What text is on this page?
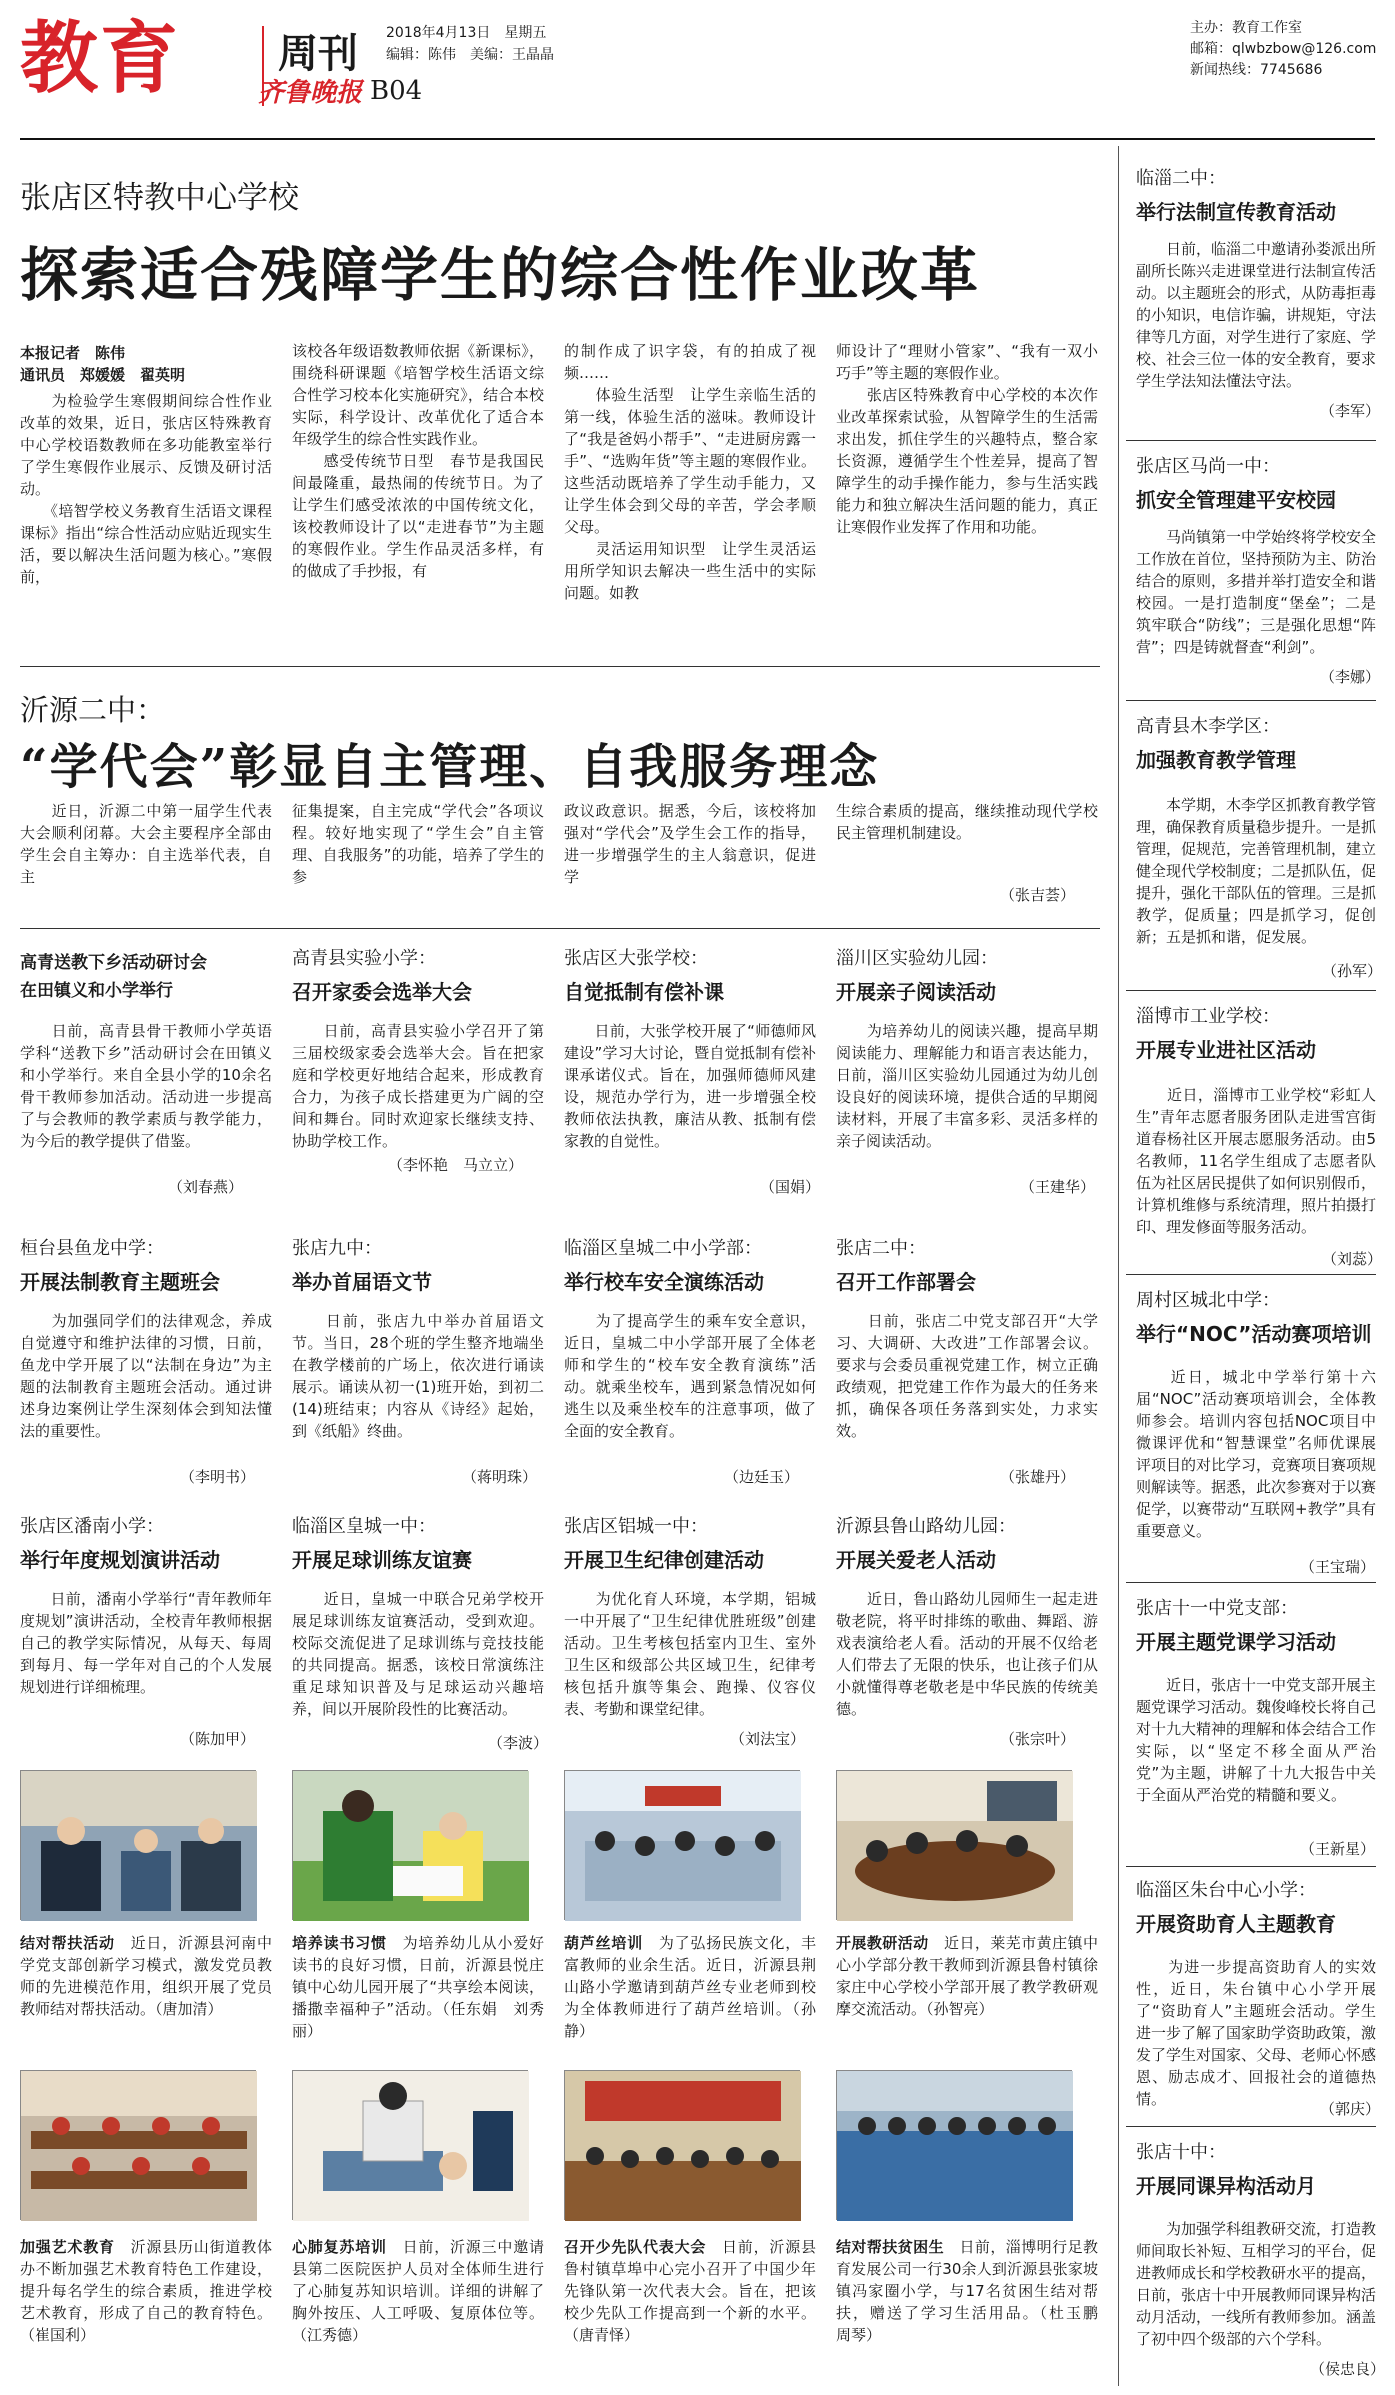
教育 周刊
齐鲁晚报 B04
2018年4月13日　星期五
编辑：陈伟　美编：王晶晶
主办：教育工作室
邮箱：qlwbzbow@126.com
新闻热线：7745686
张店区特教中心学校
探索适合残障学生的综合性作业改革
本报记者　陈伟
通讯员　郑媛媛　翟英明
　　为检验学生寒假期间综合性作业改革的效果，近日，张店区特殊教育中心学校语数教师在多功能教室举行了学生寒假作业展示、反馈及研讨活动。
　　《培智学校义务教育生活语文课程课标》指出“综合性活动应贴近现实生活，要以解决生活问题为核心。”寒假前，
该校各年级语数教师依据《新课标》，围绕科研课题《培智学校生活语文综合性学习校本化实施研究》，结合本校实际，科学设计、改革优化了适合本年级学生的综合性实践作业。
　　感受传统节日型　春节是我国民间最隆重，最热闹的传统节日。为了让学生们感受浓浓的中国传统文化，该校教师设计了以“走进春节”为主题的寒假作业。学生作品灵活多样，有的做成了手抄报，有
的制作成了识字袋，有的拍成了视频……
　　体验生活型　让学生亲临生活的第一线，体验生活的滋味。教师设计了“我是爸妈小帮手”、“走进厨房露一手”、“选购年货”等主题的寒假作业。这些活动既培养了学生动手能力，又让学生体会到父母的辛苦，学会孝顺父母。
　　灵活运用知识型　让学生灵活运用所学知识去解决一些生活中的实际问题。如教
师设计了“理财小管家”、“我有一双小巧手”等主题的寒假作业。
　　张店区特殊教育中心学校的本次作业改革探索试验，从智障学生的生活需求出发，抓住学生的兴趣特点，整合家长资源，遵循学生个性差异，提高了智障学生的动手操作能力，参与生活实践能力和独立解决生活问题的能力，真正让寒假作业发挥了作用和功能。
沂源二中：
“学代会”彰显自主管理、自我服务理念
　　近日，沂源二中第一届学生代表大会顺利闭幕。大会主要程序全部由学生会自主筹办：自主选举代表，自主
征集提案，自主完成“学代会”各项议程。较好地实现了“学生会”自主管理、自我服务”的功能，培养了学生的参
政议政意识。据悉，今后，该校将加强对“学代会”及学生会工作的指导，进一步增强学生的主人翁意识，促进学
生综合素质的提高，继续推动现代学校民主管理机制建设。
（张吉荟）
高青送教下乡活动研讨会
在田镇义和小学举行
　　日前，高青县骨干教师小学英语学科“送教下乡”活动研讨会在田镇义和小学举行。来自全县小学的10余名骨干教师参加活动。活动进一步提高了与会教师的教学素质与教学能力，为今后的教学提供了借鉴。
（刘春燕）
高青县实验小学：
召开家委会选举大会
　　日前，高青县实验小学召开了第三届校级家委会选举大会。旨在把家庭和学校更好地结合起来，形成教育合力，为孩子成长搭建更为广阔的空间和舞台。同时欢迎家长继续支持、协助学校工作。
（李怀艳　马立立）
张店区大张学校：
自觉抵制有偿补课
　　日前，大张学校开展了“师德师风建设”学习大讨论，暨自觉抵制有偿补课承诺仪式。旨在，加强师德师风建设，规范办学行为，进一步增强全校教师依法执教，廉洁从教、抵制有偿家教的自觉性。
（国娟）
淄川区实验幼儿园：
开展亲子阅读活动
　　为培养幼儿的阅读兴趣，提高早期阅读能力、理解能力和语言表达能力，日前，淄川区实验幼儿园通过为幼儿创设良好的阅读环境，提供合适的早期阅读材料，开展了丰富多彩、灵活多样的亲子阅读活动。
（王建华）
桓台县鱼龙中学：
开展法制教育主题班会
　　为加强同学们的法律观念，养成自觉遵守和维护法律的习惯，日前，鱼龙中学开展了以“法制在身边”为主题的法制教育主题班会活动。通过讲述身边案例让学生深刻体会到知法懂法的重要性。
（李明书）
张店九中：
举办首届语文节
　　日前，张店九中举办首届语文节。当日，28个班的学生整齐地端坐在教学楼前的广场上，依次进行诵读展示。诵读从初一(1)班开始，到初二(14)班结束；内容从《诗经》起始，到《纸船》终曲。
（蒋明珠）
临淄区皇城二中小学部：
举行校车安全演练活动
　　为了提高学生的乘车安全意识，近日，皇城二中小学部开展了全体老师和学生的“校车安全教育演练”活动。就乘坐校车，遇到紧急情况如何逃生以及乘坐校车的注意事项，做了全面的安全教育。
（边廷玉）
张店二中：
召开工作部署会
　　日前，张店二中党支部召开“大学习、大调研、大改进”工作部署会议。要求与会委员重视党建工作，树立正确政绩观，把党建工作作为最大的任务来抓，确保各项任务落到实处，力求实效。
（张雄丹）
张店区潘南小学：
举行年度规划演讲活动
　　日前，潘南小学举行“青年教师年度规划”演讲活动，全校青年教师根据自己的教学实际情况，从每天、每周到每月、每一学年对自己的个人发展规划进行详细梳理。
（陈加甲）
临淄区皇城一中：
开展足球训练友谊赛
　　近日，皇城一中联合兄弟学校开展足球训练友谊赛活动，受到欢迎。校际交流促进了足球训练与竞技技能的共同提高。据悉，该校日常演练注重足球知识普及与足球运动兴趣培养，间以开展阶段性的比赛活动。
（李波）
张店区铝城一中：
开展卫生纪律创建活动
　　为优化育人环境，本学期，铝城一中开展了“卫生纪律优胜班级”创建活动。卫生考核包括室内卫生、室外卫生区和级部公共区域卫生，纪律考核包括升旗等集会、跑操、仪容仪表、考勤和课堂纪律。
（刘法宝）
沂源县鲁山路幼儿园：
开展关爱老人活动
　　近日，鲁山路幼儿园师生一起走进敬老院，将平时排练的歌曲、舞蹈、游戏表演给老人看。活动的开展不仅给老人们带去了无限的快乐，也让孩子们从小就懂得尊老敬老是中华民族的传统美德。
（张宗叶）
结对帮扶活动　 近日，沂源县河南中学党支部创新学习模式，激发党员教师的先进模范作用，组织开展了党员教师结对帮扶活动。（唐加清）
培养读书习惯　 为培养幼儿从小爱好读书的良好习惯，日前，沂源县悦庄镇中心幼儿园开展了“共享绘本阅读，播撒幸福种子”活动。（任东娟　刘秀丽）
葫芦丝培训　 为了弘扬民族文化，丰富教师的业余生活。近日，沂源县荆山路小学邀请到葫芦丝专业老师到校为全体教师进行了葫芦丝培训。（孙静）
开展教研活动　 近日，莱芜市黄庄镇中心小学部分教干教师到沂源县鲁村镇徐家庄中心学校小学部开展了教学教研观摩交流活动。（孙智亮）
加强艺术教育　 沂源县历山街道教体办不断加强艺术教育特色工作建设，提升每名学生的综合素质，推进学校艺术教育，形成了自己的教育特色。（崔国利）
心肺复苏培训　 日前，沂源三中邀请县第二医院医护人员对全体师生进行了心肺复苏知识培训。详细的讲解了胸外按压、人工呼吸、复原体位等。（江秀德）
召开少先队代表大会　 日前，沂源县鲁村镇草埠中心完小召开了中国少年先锋队第一次代表大会。旨在，把该校少先队工作提高到一个新的水平。（唐青怿）
结对帮扶贫困生　 日前，淄博明行足教育发展公司一行30余人到沂源县张家坡镇冯家圈小学，与17名贫困生结对帮扶，赠送了学习生活用品。（杜玉鹏　周琴）
临淄二中：
举行法制宣传教育活动
　　日前，临淄二中邀请孙娄派出所副所长陈兴走进课堂进行法制宣传活动。以主题班会的形式，从防毒拒毒的小知识，电信诈骗，讲规矩，守法律等几方面，对学生进行了家庭、学校、社会三位一体的安全教育，要求学生学法知法懂法守法。
（李军）
张店区马尚一中：
抓安全管理建平安校园
　　马尚镇第一中学始终将学校安全工作放在首位，坚持预防为主、防治结合的原则，多措并举打造安全和谐校园。一是打造制度“堡垒”；二是筑牢联合“防线”；三是强化思想“阵营”；四是铸就督查“利剑”。
（李娜）
高青县木李学区：
加强教育教学管理
　　本学期，木李学区抓教育教学管理，确保教育质量稳步提升。一是抓管理，促规范，完善管理机制，建立健全现代学校制度；二是抓队伍，促提升，强化干部队伍的管理。三是抓教学，促质量；四是抓学习，促创新；五是抓和谐，促发展。
（孙军）
淄博市工业学校：
开展专业进社区活动
　　近日，淄博市工业学校“彩虹人生”青年志愿者服务团队走进雪宫街道春杨社区开展志愿服务活动。由5名教师，11名学生组成了志愿者队伍为社区居民提供了如何识别假币，计算机维修与系统清理，照片拍摄打印、理发修面等服务活动。
（刘蕊）
周村区城北中学：
举行“NOC”活动赛项培训
　　近日，城北中学举行第十六届“NOC”活动赛项培训会，全体教师参会。培训内容包括NOC项目中微课评优和“智慧课堂”名师优课展评项目的对比学习，竞赛项目赛项规则解读等。据悉，此次参赛对于以赛促学，以赛带动“互联网+教学”具有重要意义。
（王宝瑞）
张店十一中党支部：
开展主题党课学习活动
　　近日，张店十一中党支部开展主题党课学习活动。魏俊峰校长将自己对十九大精神的理解和体会结合工作实际，以“坚定不移全面从严治党”为主题，讲解了十九大报告中关于全面从严治党的精髓和要义。
（王新星）
临淄区朱台中心小学：
开展资助育人主题教育
　　为进一步提高资助育人的实效性，近日，朱台镇中心小学开展了“资助育人”主题班会活动。学生进一步了解了国家助学资助政策，激发了学生对国家、父母、老师心怀感恩、励志成才、回报社会的道德热情。
（郭庆）
张店十中：
开展同课异构活动月
　　为加强学科组教研交流，打造教师间取长补短、互相学习的平台，促进教师成长和学校教研水平的提高，日前，张店十中开展教师同课异构活动月活动，一线所有教师参加。涵盖了初中四个级部的六个学科。
（侯忠良）
